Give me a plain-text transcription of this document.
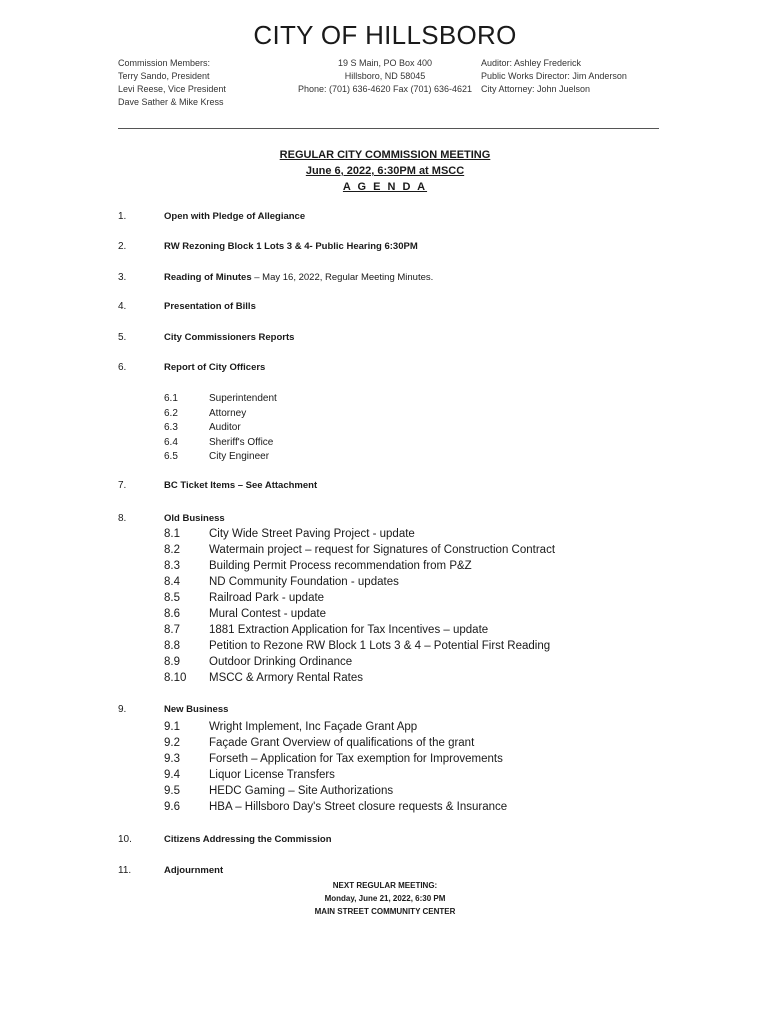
CITY OF HILLSBORO
Commission Members:
Terry Sando, President
Levi Reese, Vice President
Dave Sather & Mike Kress
19 S Main, PO Box 400
Hillsboro, ND 58045
Phone: (701) 636-4620 Fax (701) 636-4621
Auditor: Ashley Frederick
Public Works Director: Jim Anderson
City Attorney: John Juelson
REGULAR CITY COMMISSION MEETING
June 6, 2022, 6:30PM at MSCC
A G E N D A
1.	Open with Pledge of Allegiance
2.	RW Rezoning Block 1 Lots 3 & 4- Public Hearing 6:30PM
3.	Reading of Minutes – May 16, 2022, Regular Meeting Minutes.
4.	Presentation of Bills
5.	City Commissioners Reports
6.	Report of City Officers
6.1	Superintendent
6.2	Attorney
6.3	Auditor
6.4	Sheriff's Office
6.5	City Engineer
7.	BC Ticket Items – See Attachment
8.	Old Business
8.1	City Wide Street Paving Project - update
8.2	Watermain project – request for Signatures of Construction Contract
8.3	Building Permit Process recommendation from P&Z
8.4	ND Community Foundation - updates
8.5	Railroad Park - update
8.6	Mural Contest - update
8.7	1881 Extraction Application for Tax Incentives – update
8.8	Petition to Rezone RW Block 1 Lots 3 & 4 – Potential First Reading
8.9	Outdoor Drinking Ordinance
8.10 MSCC & Armory Rental Rates
9.	New Business
9.1	Wright Implement, Inc Façade Grant App
9.2	Façade Grant Overview of qualifications of the grant
9.3	Forseth – Application for Tax exemption for Improvements
9.4	Liquor License Transfers
9.5	HEDC Gaming – Site Authorizations
9.6	HBA – Hillsboro Day's Street closure requests & Insurance
10.	Citizens Addressing the Commission
11.	Adjournment
NEXT REGULAR MEETING:
Monday, June 21, 2022, 6:30 PM
MAIN STREET COMMUNITY CENTER
